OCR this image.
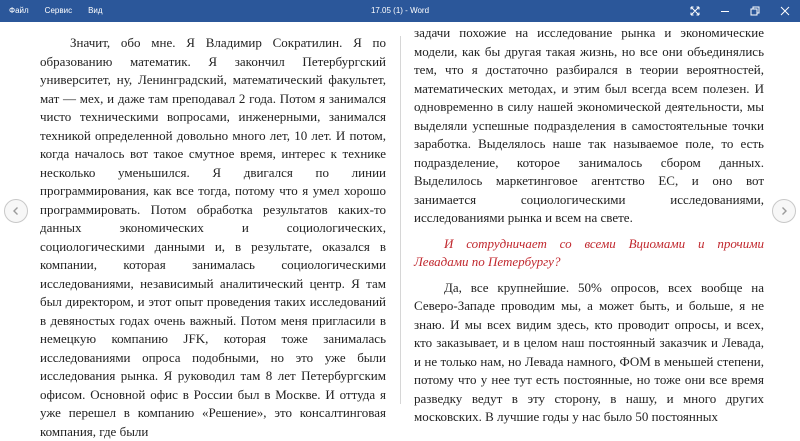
Файл	Сервис	Вид	17.05 (1) - Word

Значит, обо мне. Я Владимир Сократилин. Я по образованию математик. Я закончил Петербургский университет, ну, Ленинградский, математический факультет, мат — мех, и даже там преподавал 2 года. Потом я занимался чисто техническими вопросами, инженерными, занимался техникой определенной довольно много лет, 10 лет. И потом, когда началось вот такое смутное время, интерес к технике несколько уменьшился. Я двигался по линии программирования, как все тогда, потому что я умел хорошо программировать. Потом обработка результатов каких-то данных экономических и социологических, социологическими данными и, в результате, оказался в компании, которая занималась социологическими исследованиями, независимый аналитический центр. Я там был директором, и этот опыт проведения таких исследований в девяностых годах очень важный. Потом меня пригласили в немецкую компанию JFK, которая тоже занималась исследованиями опроса подобными, но это уже были исследования рынка. Я руководил там 8 лет Петербургским офисом. Основной офис в России был в Москве. И оттуда я уже перешел в компанию «Решение», это консалтинговая компания, где были

задачи похожие на исследование рынка и экономические модели, как бы другая такая жизнь, но все они объединялись тем, что я достаточно разбирался в теории вероятностей, математических методах, и этим был всегда всем полезен. И одновременно в силу нашей экономической деятельности, мы выделяли успешные подразделения в самостоятельные точки заработка. Выделялось наше так называемое поле, то есть подразделение, которое занималось сбором данных. Выделилось маркетинговое агентство ЕС, и оно вот занимается социологическими исследованиями, исследованиями рынка и всем на свете.

И сотрудничает со всеми Вциомами и прочими Левадами по Петербургу?

Да, все крупнейшие. 50% опросов, всех вообще на Северо-Западе проводим мы, а может быть, и больше, я не знаю. И мы всех видим здесь, кто проводит опросы, и всех, кто заказывает, и в целом наш постоянный заказчик и Левада, и не только нам, но Левада намного, ФОМ в меньшей степени, потому что у нее тут есть постоянные, но тоже они все время разведку ведут в эту сторону, в нашу, и много других московских. В лучшие годы у нас было 50 постоянных
